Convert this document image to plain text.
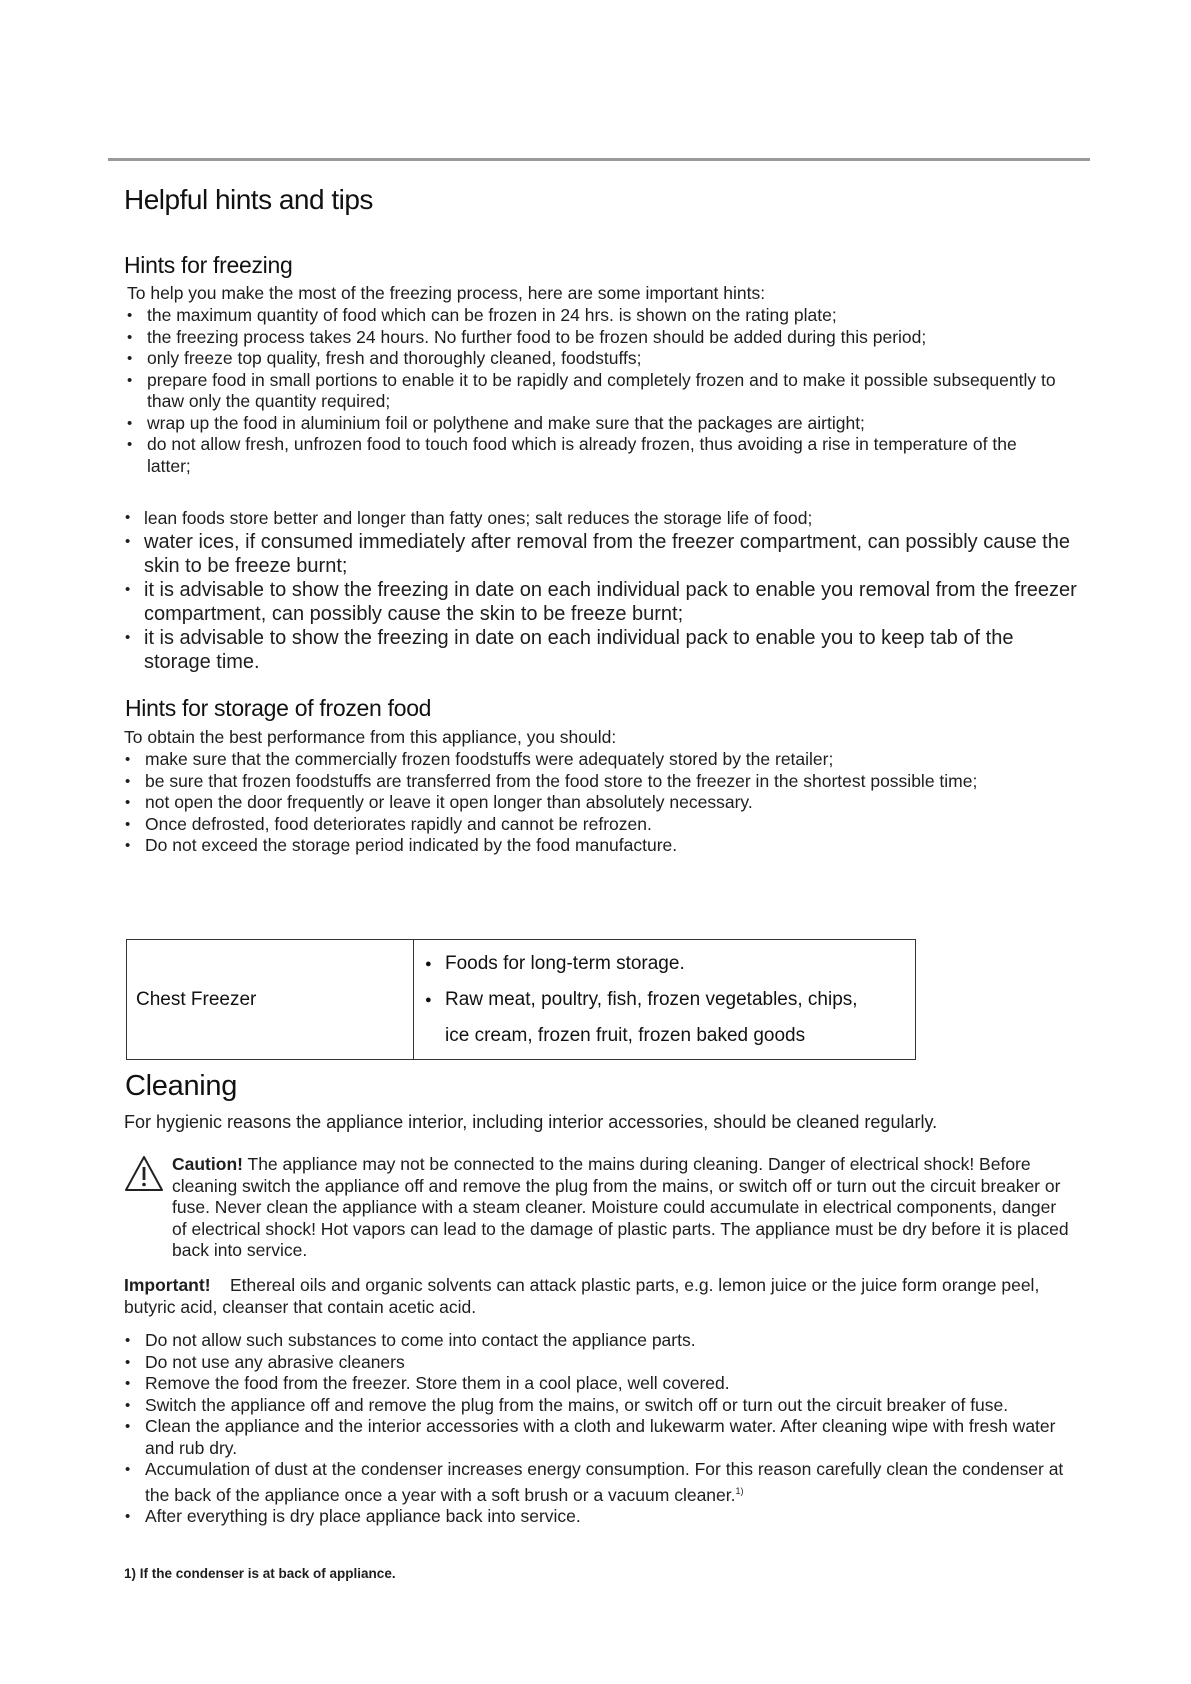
Helpful hints and tips
Hints for freezing

To help you make the most of the freezing process, here are some important hints:

• the maximum quantity of food which can be frozen in 24 hrs. is shown on the rating plate;
• the freezing process takes 24 hours. No further food to be frozen should be added during this period;
• only freeze top quality, fresh and thoroughly cleaned, foodstuffs;
• prepare food in small portions to enable it to be rapidly and completely frozen and to make it possible subsequently to thaw only the quantity required;
• wrap up the food in aluminium foil or polythene and make sure that the packages are airtight;
• do not allow fresh, unfrozen food to touch food which is already frozen, thus avoiding a rise in temperature of the latter;
• lean foods store better and longer than fatty ones; salt reduces the storage life of food;
• water ices, if consumed immediately after removal from the freezer compartment, can possibly cause the skin to be freeze burnt;
• it is advisable to show the freezing in date on each individual pack to enable you removal from the freezer compartment, can possibly cause the skin to be freeze burnt;
• it is advisable to show the freezing in date on each individual pack to enable you to keep tab of the storage time.
Hints for storage of frozen food

To obtain the best performance from this appliance, you should:

• make sure that the commercially frozen foodstuffs were adequately stored by the retailer;
• be sure that frozen foodstuffs are transferred from the food store to the freezer in the shortest possible time;
• not open the door frequently or leave it open longer than absolutely necessary.
• Once defrosted, food deteriorates rapidly and cannot be refrozen.
• Do not exceed the storage period indicated by the food manufacture.
Chest Freezer	
● Foods for long-term storage.
● Raw meat, poultry, fish, frozen vegetables, chips,
ice cream, frozen fruit, frozen baked goods
Cleaning

For hygienic reasons the appliance interior, including interior accessories, should be cleaned regularly.

Caution! The appliance may not be connected to the mains during cleaning. Danger of electrical shock! Before cleaning switch the appliance off and remove the plug from the mains, or switch off or turn out the circuit breaker or fuse. Never clean the appliance with a steam cleaner. Moisture could accumulate in electrical components, danger of electrical shock! Hot vapors can lead to the damage of plastic parts. The appliance must be dry before it is placed back into service.

Important! Ethereal oils and organic solvents can attack plastic parts, e.g. lemon juice or the juice form orange peel, butyric acid, cleanser that contain acetic acid.

• Do not allow such substances to come into contact the appliance parts.
• Do not use any abrasive cleaners
• Remove the food from the freezer. Store them in a cool place, well covered.
• Switch the appliance off and remove the plug from the mains, or switch off or turn out the circuit breaker of fuse.
• Clean the appliance and the interior accessories with a cloth and lukewarm water. After cleaning wipe with fresh water and rub dry.
• Accumulation of dust at the condenser increases energy consumption. For this reason carefully clean the condenser at the back of the appliance once a year with a soft brush or a vacuum cleaner.$^{1)}$
• After everything is dry place appliance back into service.

1) If the condenser is at back of appliance.
